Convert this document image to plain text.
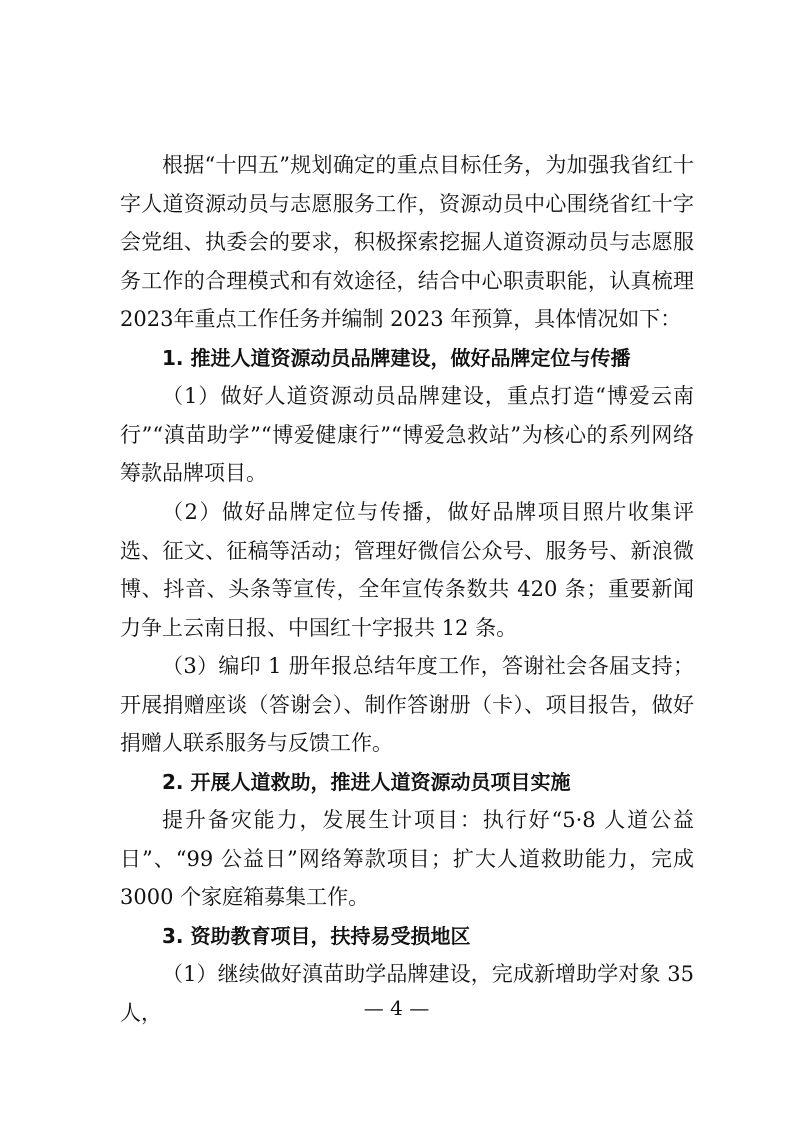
根据“十四五”规划确定的重点目标任务，为加强我省红十字人道资源动员与志愿服务工作，资源动员中心围绕省红十字会党组、执委会的要求，积极探索挖掘人道资源动员与志愿服务工作的合理模式和有效途径，结合中心职责职能，认真梳理 2023年重点工作任务并编制 2023 年预算，具体情况如下：

1. 推进人道资源动员品牌建设，做好品牌定位与传播

（1）做好人道资源动员品牌建设，重点打造“博爱云南行”“滇苗助学”“博爱健康行”“博爱急救站”为核心的系列网络筹款品牌项目。

（2）做好品牌定位与传播，做好品牌项目照片收集评选、征文、征稿等活动；管理好微信公众号、服务号、新浪微博、抖音、头条等宣传，全年宣传条数共 420 条；重要新闻力争上云南日报、中国红十字报共 12 条。

（3）编印 1 册年报总结年度工作，答谢社会各届支持；开展捐赠座谈（答谢会）、制作答谢册（卡）、项目报告，做好捐赠人联系服务与反馈工作。

2. 开展人道救助，推进人道资源动员项目实施

提升备灾能力，发展生计项目：执行好“5·8 人道公益日”、“99 公益日”网络筹款项目；扩大人道救助能力，完成 3000 个家庭箱募集工作。

3. 资助教育项目，扶持易受损地区

（1）继续做好滇苗助学品牌建设，完成新增助学对象 35 人，	— 4 —
